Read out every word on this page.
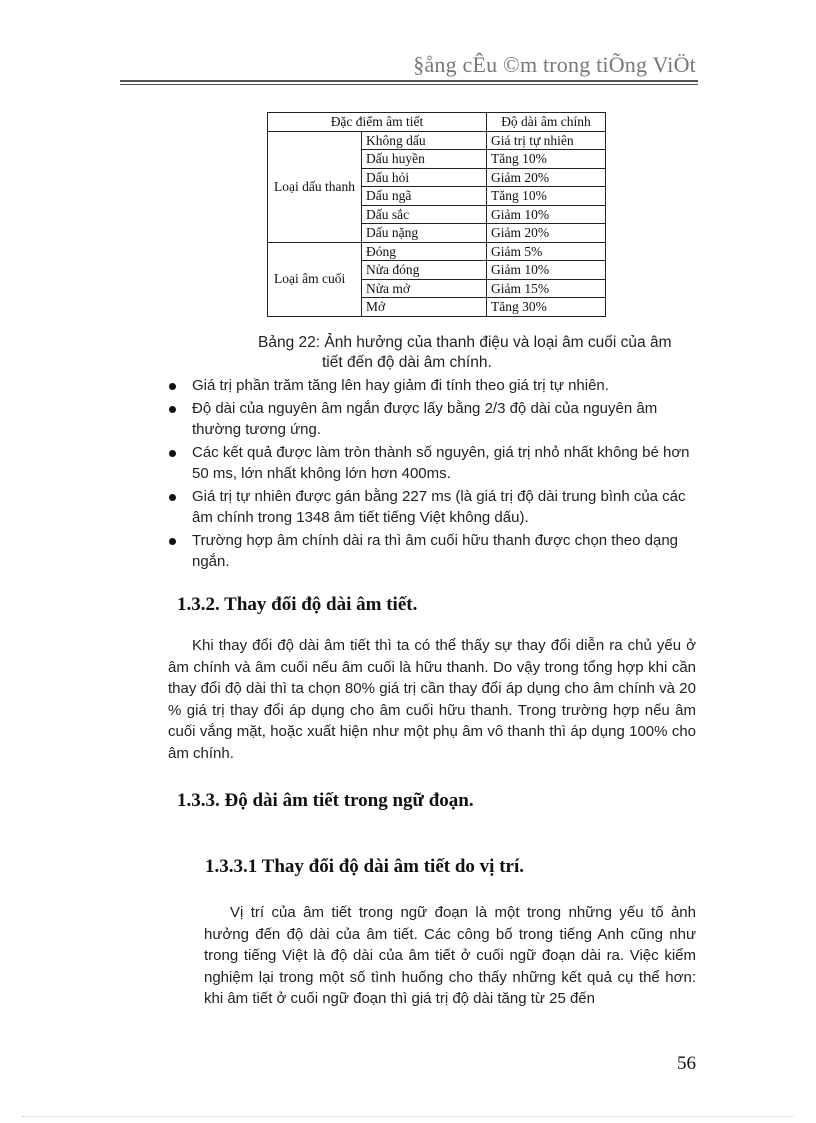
§ång cÊu ©m trong tiÕng ViÖt
Đặc điểm âm tiết		Độ dài âm chính
Loại dấu thanh	Không dấu	Giá trị tự nhiên
	Dấu huyền	Tăng 10%
	Dấu hỏi	Giảm 20%
	Dấu ngã	Tăng 10%
	Dấu sắc	Giảm 10%
	Dấu nặng	Giảm 20%
Loại âm cuối	Đóng	Giảm 5%
	Nửa đóng	Giảm 10%
	Nửa mở	Giảm 15%
	Mở	Tăng 30%
Bảng 22: Ảnh hưởng của thanh điệu và loại âm cuối của âm
tiết đến độ dài âm chính.
Giá trị phần trăm tăng lên hay giảm đi tính theo giá trị tự nhiên.
Độ dài của nguyên âm ngắn được lấy bằng 2/3 độ dài của nguyên âm thường tương ứng.
Các kết quả được làm tròn thành số nguyên, giá trị nhỏ nhất không bé hơn 50 ms, lớn nhất không lớn hơn 400ms.
Giá trị tự nhiên được gán bằng 227 ms (là giá trị độ dài trung bình của các âm chính trong 1348 âm tiết tiếng Việt không dấu).
Trường hợp âm chính dài ra thì âm cuối hữu thanh được chọn theo dạng ngắn.
1.3.2. Thay đổi độ dài âm tiết.
Khi thay đổi độ dài âm tiết thì ta có thể thấy sự thay đổi diễn ra chủ yếu ở âm chính và âm cuối nếu âm cuối là hữu thanh. Do vậy trong tổng hợp khi cần thay đổi độ dài thì ta chọn 80% giá trị cần thay đổi áp dụng cho âm chính và 20 % giá trị thay đổi áp dụng cho âm cuối hữu thanh. Trong trường hợp nếu âm cuối vắng mặt, hoặc xuất hiện như một phụ âm vô thanh thì áp dụng 100% cho âm chính.
1.3.3. Độ dài âm tiết trong ngữ đoạn.
1.3.3.1 Thay đổi độ dài âm tiết do vị trí.
Vị trí của âm tiết trong ngữ đoạn là một trong những yếu tố ảnh hưởng đến độ dài của âm tiết. Các công bố trong tiếng Anh cũng như trong tiếng Việt là độ dài của âm tiết ở cuối ngữ đoạn dài ra. Việc kiểm nghiệm lại trong một số tình huống cho thấy những kết quả cụ thể hơn: khi âm tiết ở cuối ngữ đoạn thì giá trị độ dài tăng từ 25 đến
56
